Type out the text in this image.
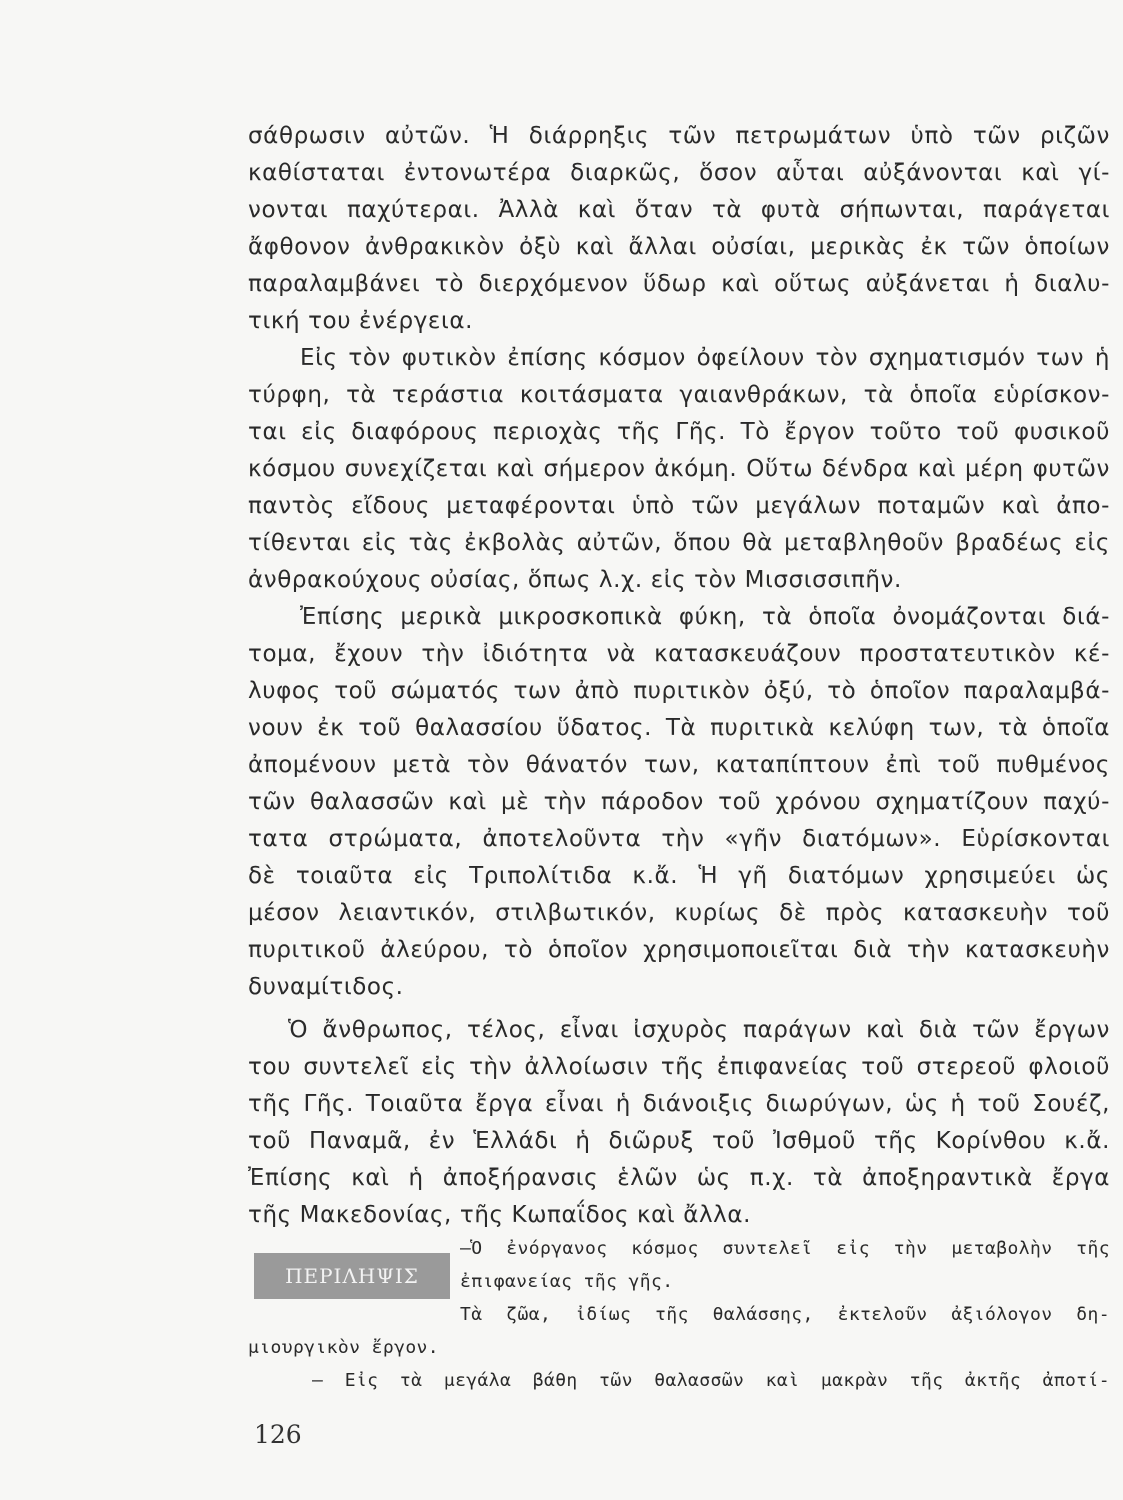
σάθρωσιν αὐτῶν. Ἡ διάρρηξις τῶν πετρωμάτων ὑπὸ τῶν ριζῶν
καθίσταται ἐντονωτέρα διαρκῶς, ὅσον αὗται αὐξάνονται καὶ γί-
νονται παχύτεραι. Ἀλλὰ καὶ ὅταν τὰ φυτὰ σήπωνται, παράγεται
ἄφθονον ἀνθρακικὸν ὀξὺ καὶ ἄλλαι οὐσίαι, μερικὰς ἐκ τῶν ὁποίων
παραλαμβάνει τὸ διερχόμενον ὕδωρ καὶ οὕτως αὐξάνεται ἡ διαλυ-
τική του ἐνέργεια.
Εἰς τὸν φυτικὸν ἐπίσης κόσμον ὀφείλουν τὸν σχηματισμόν των ἡ
τύρφη, τὰ τεράστια κοιτάσματα γαιανθράκων, τὰ ὁποῖα εὑρίσκον-
ται εἰς διαφόρους περιοχὰς τῆς Γῆς. Τὸ ἔργον τοῦτο τοῦ φυσικοῦ
κόσμου συνεχίζεται καὶ σήμερον ἀκόμη. Οὕτω δένδρα καὶ μέρη φυτῶν
παντὸς εἴδους μεταφέρονται ὑπὸ τῶν μεγάλων ποταμῶν καὶ ἀπο-
τίθενται εἰς τὰς ἐκβολὰς αὐτῶν, ὅπου θὰ μεταβληθοῦν βραδέως εἰς
ἀνθρακούχους οὐσίας, ὅπως λ.χ. εἰς τὸν Μισσισσιπῆν.
Ἐπίσης μερικὰ μικροσκοπικὰ φύκη, τὰ ὁποῖα ὀνομάζονται διά-
τομα, ἔχουν τὴν ἰδιότητα νὰ κατασκευάζουν προστατευτικὸν κέ-
λυφος τοῦ σώματός των ἀπὸ πυριτικὸν ὀξύ, τὸ ὁποῖον παραλαμβά-
νουν ἐκ τοῦ θαλασσίου ὕδατος. Τὰ πυριτικὰ κελύφη των, τὰ ὁποῖα
ἀπομένουν μετὰ τὸν θάνατόν των, καταπίπτουν ἐπὶ τοῦ πυθμένος
τῶν θαλασσῶν καὶ μὲ τὴν πάροδον τοῦ χρόνου σχηματίζουν παχύ-
τατα στρώματα, ἀποτελοῦντα τὴν «γῆν διατόμων». Εὑρίσκονται
δὲ τοιαῦτα εἰς Τριπολίτιδα κ.ἄ. Ἡ γῆ διατόμων χρησιμεύει ὡς
μέσον λειαντικόν, στιλβωτικόν, κυρίως δὲ πρὸς κατασκευὴν τοῦ
πυριτικοῦ ἀλεύρου, τὸ ὁποῖον χρησιμοποιεῖται διὰ τὴν κατασκευὴν
δυναμίτιδος.
Ὁ ἄνθρωπος, τέλος, εἶναι ἰσχυρὸς παράγων καὶ διὰ τῶν ἔργων
του συντελεῖ εἰς τὴν ἀλλοίωσιν τῆς ἐπιφανείας τοῦ στερεοῦ φλοιοῦ
τῆς Γῆς. Τοιαῦτα ἔργα εἶναι ἡ διάνοιξις διωρύγων, ὡς ἡ τοῦ Σουέζ,
τοῦ Παναμᾶ, ἐν Ἑλλάδι ἡ διῶρυξ τοῦ Ἰσθμοῦ τῆς Κορίνθου κ.ἄ.
Ἐπίσης καὶ ἡ ἀποξήρανσις ἑλῶν ὡς π.χ. τὰ ἀποξηραντικὰ ἔργα
τῆς Μακεδονίας, τῆς Κωπαΐδος καὶ ἄλλα.
ΠΕΡΙΛΗΨΙΣ
—Ὁ ἐνόργανος κόσμος συντελεῖ εἰς τὴν μεταβολὴν τῆς
ἐπιφανείας τῆς γῆς.
Τὰ ζῶα, ἰδίως τῆς θαλάσσης, ἐκτελοῦν ἀξιόλογον δη-
μιουργικὸν ἔργον.
— Εἰς τὰ μεγάλα βάθη τῶν θαλασσῶν καὶ μακρὰν τῆς ἀκτῆς ἀποτί-
126
